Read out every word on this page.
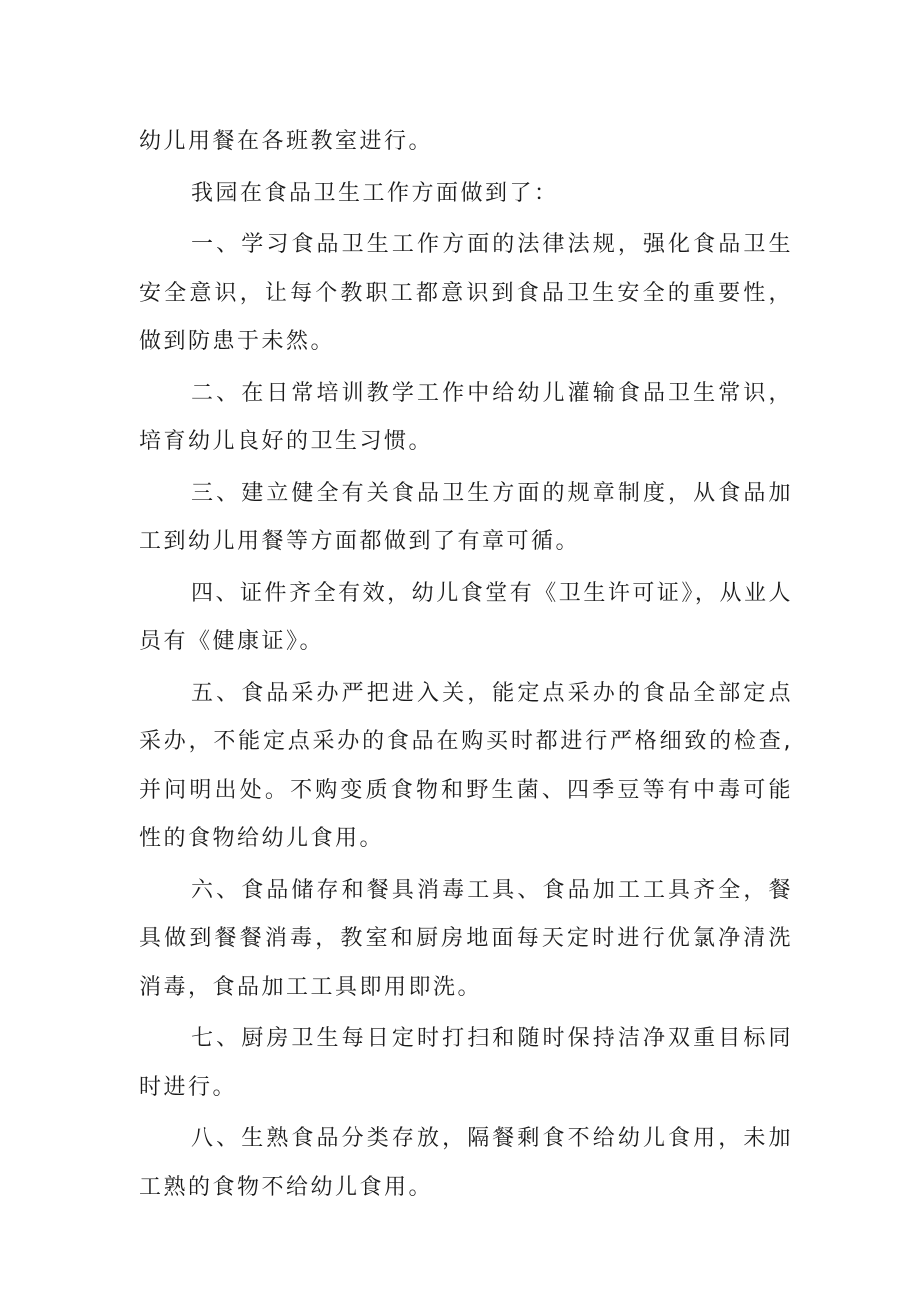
幼儿用餐在各班教室进行。

我园在食品卫生工作方面做到了：

一、学习食品卫生工作方面的法律法规，强化食品卫生安全意识，让每个教职工都意识到食品卫生安全的重要性，做到防患于未然。

二、在日常培训教学工作中给幼儿灌输食品卫生常识，培育幼儿良好的卫生习惯。

三、建立健全有关食品卫生方面的规章制度，从食品加工到幼儿用餐等方面都做到了有章可循。

四、证件齐全有效，幼儿食堂有《卫生许可证》，从业人员有《健康证》。

五、食品采办严把进入关，能定点采办的食品全部定点采办，不能定点采办的食品在购买时都进行严格细致的检查,并问明出处。不购变质食物和野生菌、四季豆等有中毒可能性的食物给幼儿食用。

六、食品储存和餐具消毒工具、食品加工工具齐全，餐具做到餐餐消毒，教室和厨房地面每天定时进行优氯净清洗消毒，食品加工工具即用即洗。

七、厨房卫生每日定时打扫和随时保持洁净双重目标同时进行。

八、生熟食品分类存放，隔餐剩食不给幼儿食用，未加工熟的食物不给幼儿食用。
